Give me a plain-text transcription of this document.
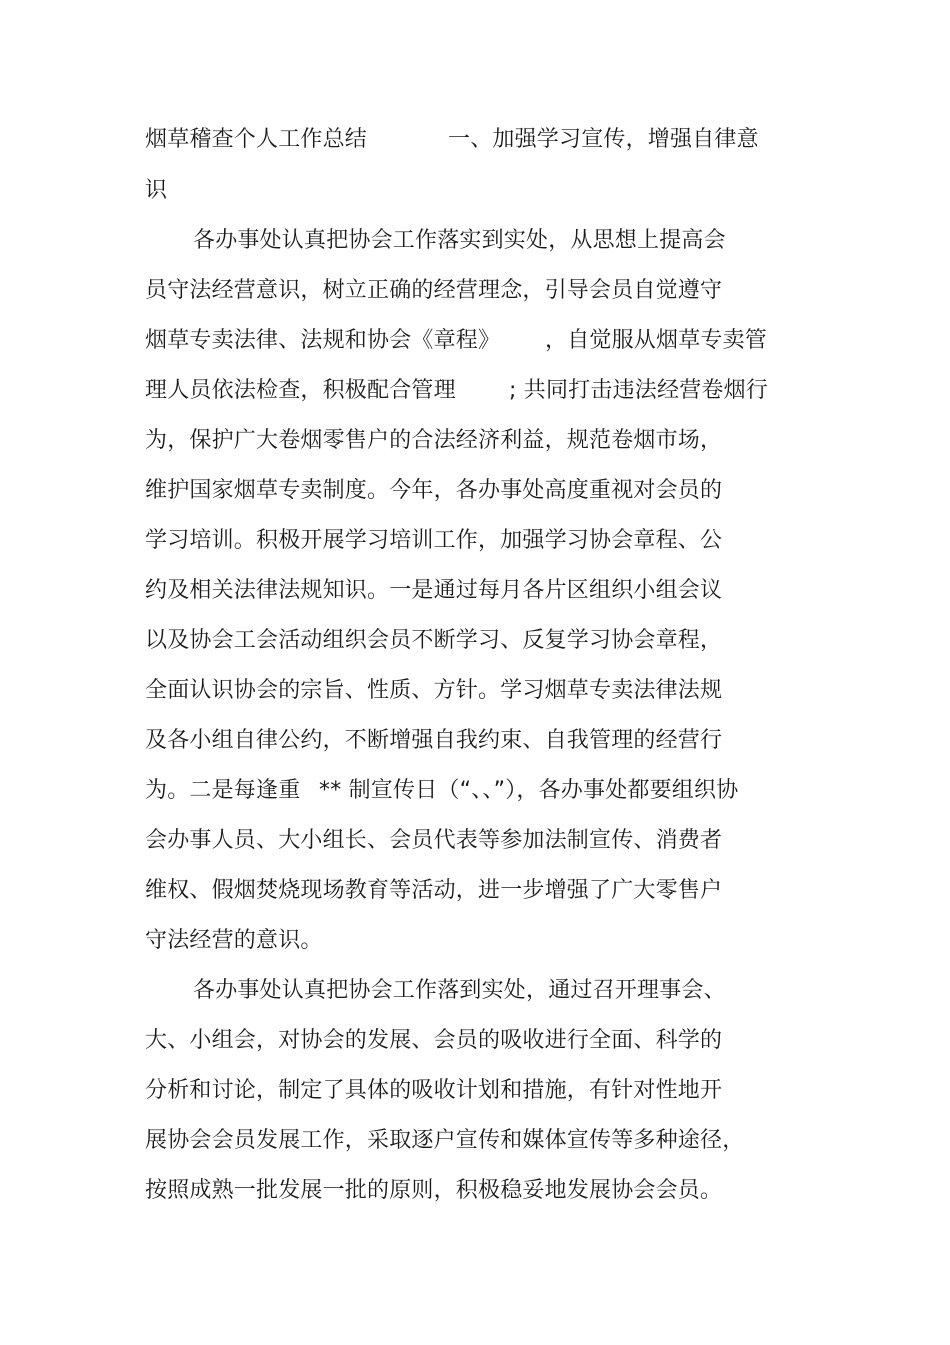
烟草稽查个人工作总结

	一、加强学习宣传，增强自律意

识
各办事处认真把协会工作落实到实处，从思想上提高会
员守法经营意识，树立正确的经营理念，引导会员自觉遵守

烟草专卖法律、法规和协会《章程》

，自觉服从烟草专卖管

理人员依法检查，积极配合管理

; 共同打击违法经营卷烟行

为，保护广大卷烟零售户的合法经济利益，规范卷烟市场，
维护国家烟草专卖制度。今年，各办事处高度重视对会员的
学习培训。积极开展学习培训工作，加强学习协会章程、公
约及相关法律法规知识。一是通过每月各片区组织小组会议
以及协会工会活动组织会员不断学习、反复学习协会章程，
全面认识协会的宗旨、性质、方针。学习烟草专卖法律法规
及各小组自律公约，不断增强自我约束、自我管理的经营行

为。二是每逢重

** 制宣传日（“、、”），各办事处都要组织协

会办事人员、大小组长、会员代表等参加法制宣传、消费者
维权、假烟焚烧现场教育等活动，进一步增强了广大零售户
守法经营的意识。
各办事处认真把协会工作落到实处，通过召开理事会、
大、小组会，对协会的发展、会员的吸收进行全面、科学的
分析和讨论，制定了具体的吸收计划和措施，有针对性地开
展协会会员发展工作，采取逐户宣传和媒体宣传等多种途径，
按照成熟一批发展一批的原则，积极稳妥地发展协会会员。
